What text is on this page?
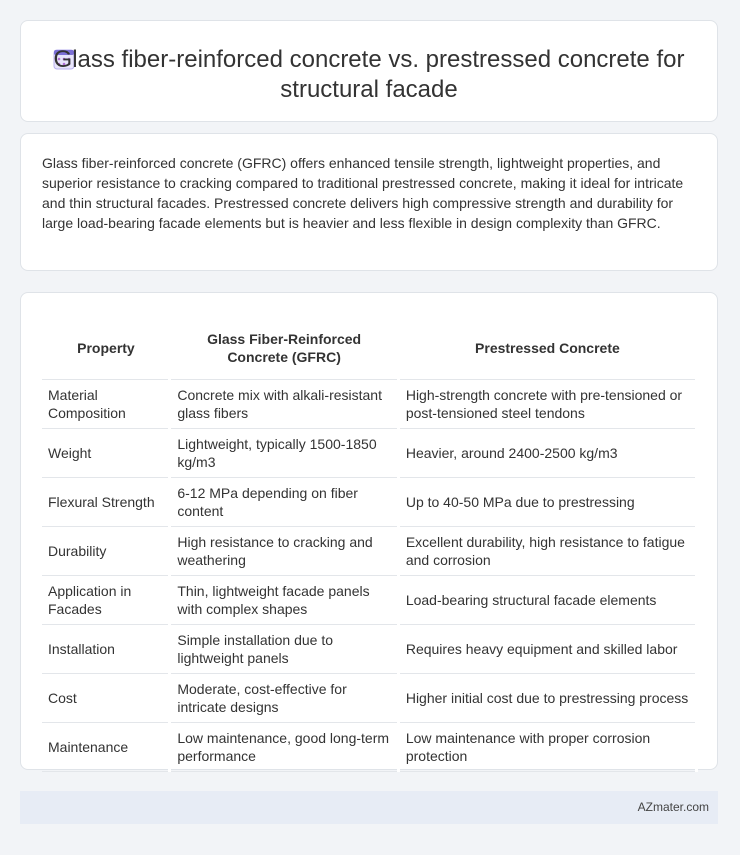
Glass fiber-reinforced concrete vs. prestressed concrete for structural facade
Glass fiber-reinforced concrete (GFRC) offers enhanced tensile strength, lightweight properties, and superior resistance to cracking compared to traditional prestressed concrete, making it ideal for intricate and thin structural facades. Prestressed concrete delivers high compressive strength and durability for large load-bearing facade elements but is heavier and less flexible in design complexity than GFRC.
Property	Glass Fiber-Reinforced Concrete (GFRC)	Prestressed Concrete
Material Composition	Concrete mix with alkali-resistant glass fibers	High-strength concrete with pre-tensioned or post-tensioned steel tendons
Weight	Lightweight, typically 1500-1850 kg/m3	Heavier, around 2400-2500 kg/m3
Flexural Strength	6-12 MPa depending on fiber content	Up to 40-50 MPa due to prestressing
Durability	High resistance to cracking and weathering	Excellent durability, high resistance to fatigue and corrosion
Application in Facades	Thin, lightweight facade panels with complex shapes	Load-bearing structural facade elements
Installation	Simple installation due to lightweight panels	Requires heavy equipment and skilled labor
Cost	Moderate, cost-effective for intricate designs	Higher initial cost due to prestressing process
Maintenance	Low maintenance, good long-term performance	Low maintenance with proper corrosion protection
AZmater.com
